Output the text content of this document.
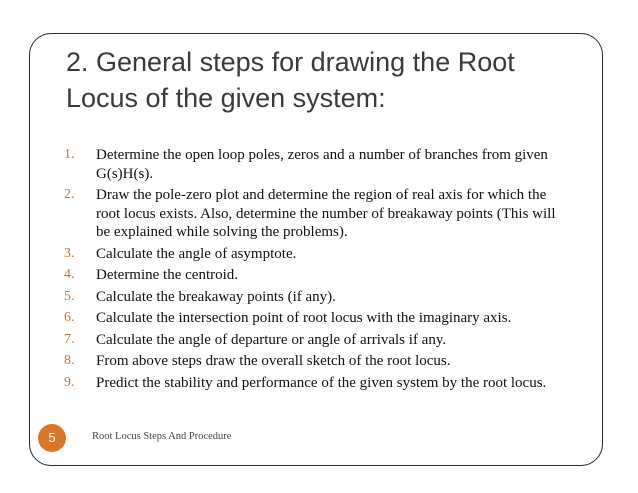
2. General steps for drawing the Root Locus of the given system:
1. Determine the open loop poles, zeros and a number of branches from given G(s)H(s).
2. Draw the pole-zero plot and determine the region of real axis for which the root locus exists. Also, determine the number of breakaway points (This will be explained while solving the problems).
3. Calculate the angle of asymptote.
4. Determine the centroid.
5. Calculate the breakaway points (if any).
6. Calculate the intersection point of root locus with the imaginary axis.
7. Calculate the angle of departure or angle of arrivals if any.
8. From above steps draw the overall sketch of the root locus.
9. Predict the stability and performance of the given system by the root locus.
5	Root Locus Steps And Procedure
